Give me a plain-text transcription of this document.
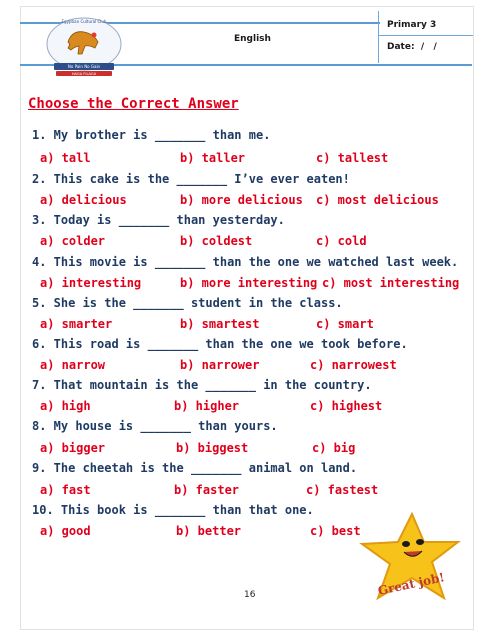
Egyptian Cultural Club
No Pain No Gain
HAGA FILAGA
English
Primary 3
Date: /   /
Choose the Correct Answer
1. My brother is _______ than me.
a) tall	b) taller	c) tallest
2. This cake is the _______ I’ve ever eaten!
a) delicious	b) more delicious c) most delicious
3. Today is _______ than yesterday.
a) colder	b) coldest	c) cold
4. This movie is _______ than the one we watched last week.
a) interesting	b) more interesting c) most interesting
5. She is the _______ student in the class.
a) smarter	b) smartest	c) smart
6. This road is _______ than the one we took before.
a) narrow	b) narrower	c) narrowest
7. That mountain is the _______ in the country.
a) high	b) higher	c) highest
8. My house is _______ than yours.
a) bigger	b) biggest	c) big
9. The cheetah is the _______ animal on land.
a) fast	b) faster	c) fastest
10. This book is _______ than that one.
a) good	b) better	c) best
Great job!
16
